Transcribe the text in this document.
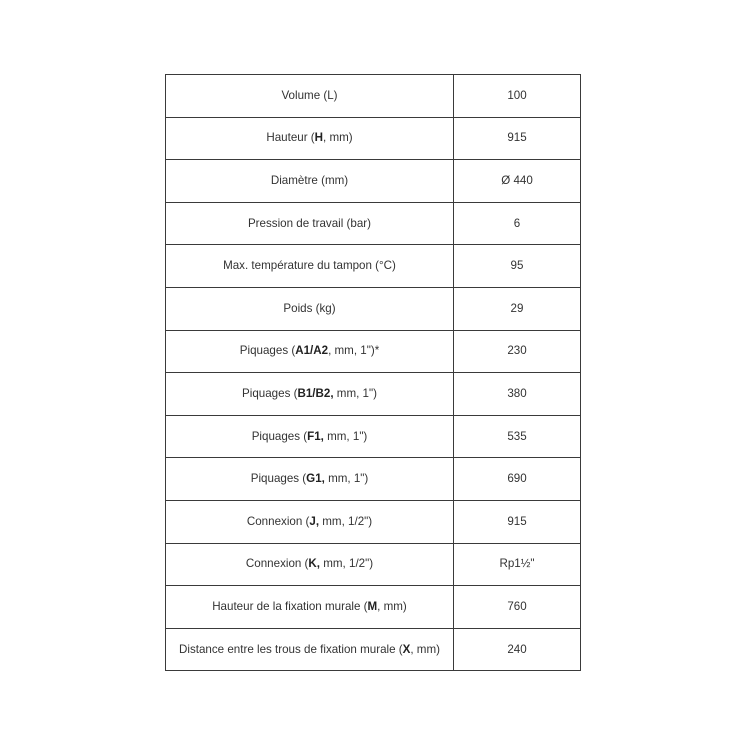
Volume (L)	100
Hauteur (H, mm)	915
Diamètre (mm)	Ø 440
Pression de travail (bar)	6
Max. température du tampon (°C)	95
Poids (kg)	29
Piquages (A1/A2, mm, 1")*	230
Piquages (B1/B2, mm, 1")	380
Piquages (F1, mm, 1")	535
Piquages (G1, mm, 1")	690
Connexion (J, mm, 1/2")	915
Connexion (K, mm, 1/2")	Rp1½"
Hauteur de la fixation murale (M, mm)	760
Distance entre les trous de fixation murale (X, mm)	240
